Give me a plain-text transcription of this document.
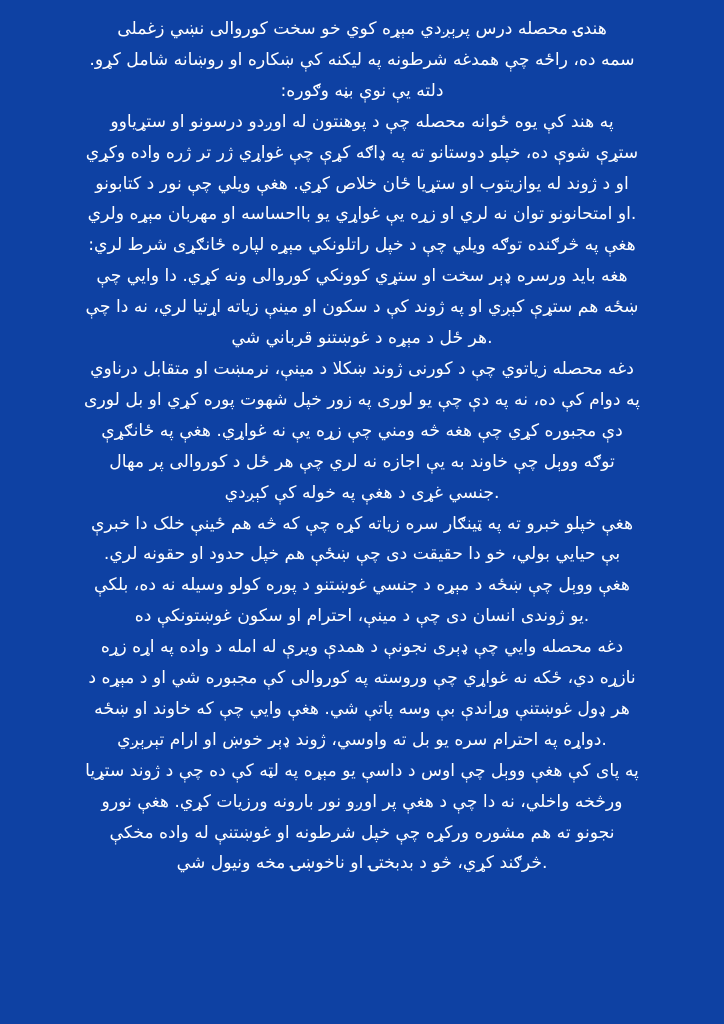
هندۍ محصله درس پرېږدي مېړه کوي خو سخت کوروالی نښي زغملی
سمه ده، راځه چې همدغه شرطونه په لیکنه کې ښکاره او روښانه شامل کړو.
دلته يې نوې بڼه وګوره:
په هند کې یوه ځوانه محصله چې د پوهنتون له اوږدو درسونو او ستړیاوو
ستړې شوې ده، خپلو دوستانو ته په ډاګه کړې چې غواړي ژر تر ژره واده وکړي
او د ژوند له یوازیتوب او ستړیا ځان خلاص کړي. هغې ویلي چې نور د کتابونو
.او امتحانونو توان نه لري او زړه يې غواړي یو بااحساسه او مهربان مېړه ولري
هغې په څرګنده توګه ویلي چې د خپل راتلونکي مېړه لپاره ځانګړی شرط لري:
هغه باید ورسره ډېر سخت او ستړي کوونکي کوروالی ونه کړي. دا وايي چې
ښځه هم ستړې کېږي او په ژوند کې د سکون او مینې زیاته اړتیا لري، نه دا چې
.هر ځل د مېړه د غوښتنو قرباني شي
دغه محصله زیاتوي چې د کورنی ژوند ښکلا د مینې، نرمښت او متقابل درناوي
په دوام کې ده، نه په دې چې یو لوری په زور خپل شهوت پوره کړي او بل لوری
دې مجبوره کړي چې هغه څه ومني چې زړه يې نه غواړي. هغې په ځانګړې
توګه ووېل چې خاوند به یې اجازه نه لري چې هر ځل د کوروالی پر مهال
.جنسي غړی د هغې په خوله کې کېږدي
هغې خپلو خبرو ته په ټینګار سره زیاته کړه چې که څه هم ځینې خلک دا خبرې
بې حیایي بولي، خو دا حقیقت دی چې ښځې هم خپل حدود او حقونه لري.
هغې ووېل چې ښځه د مېړه د جنسي غوښتنو د پوره کولو وسیله نه ده، بلکې
.یو ژوندی انسان دی چې د مینې، احترام او سکون غوښتونکې ده
دغه محصله وايي چې ډېری نجونې د همدې ویرې له امله د واده په اړه زړه
نازړه دي، ځکه نه غواړي چې وروسته په کوروالی کې مجبوره شي او د مېړه د
هر ډول غوښتنې وړاندې بې وسه پاتې شي. هغې وايي چې که خاوند او ښځه
.دواړه په احترام سره یو بل ته واوسي، ژوند ډېر خوښ او ارام تېرېږي
په پای کې هغې ووېل چې اوس د داسې یو مېړه په لټه کې ده چې د ژوند ستړیا
ورڅخه واخلي، نه دا چې د هغې پر اوږو نور بارونه ورزیات کړي. هغې نورو
نجونو ته هم مشوره ورکړه چې خپل شرطونه او غوښتنې له واده مخکې
.څرګند کړي، څو د بدبختۍ او ناخوښۍ مخه ونیول شي
